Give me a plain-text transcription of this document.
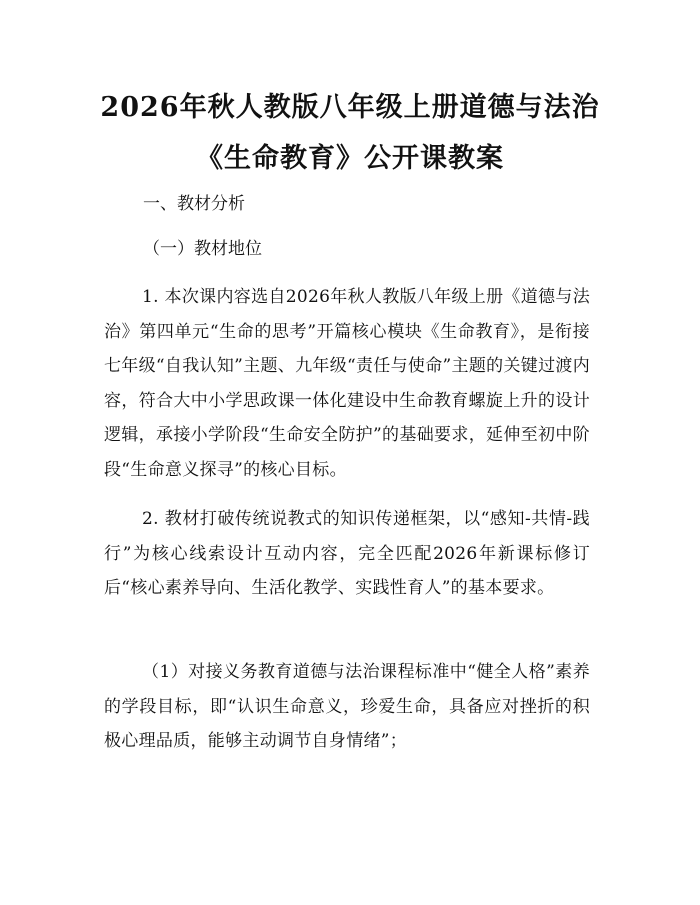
2026年秋人教版八年级上册道德与法治《生命教育》公开课教案

一、教材分析

（一）教材地位

1. 本次课内容选自2026年秋人教版八年级上册《道德与法治》第四单元“生命的思考”开篇核心模块《生命教育》，是衔接七年级“自我认知”主题、九年级“责任与使命”主题的关键过渡内容，符合大中小学思政课一体化建设中生命教育螺旋上升的设计逻辑，承接小学阶段“生命安全防护”的基础要求，延伸至初中阶段“生命意义探寻”的核心目标。

2. 教材打破传统说教式的知识传递框架，以“感知-共情-践行”为核心线索设计互动内容，完全匹配2026年新课标修订后“核心素养导向、生活化教学、实践性育人”的基本要求。

（1）对接义务教育道德与法治课程标准中“健全人格”素养的学段目标，即“认识生命意义，珍爱生命，具备应对挫折的积极心理品质，能够主动调节自身情绪”；
